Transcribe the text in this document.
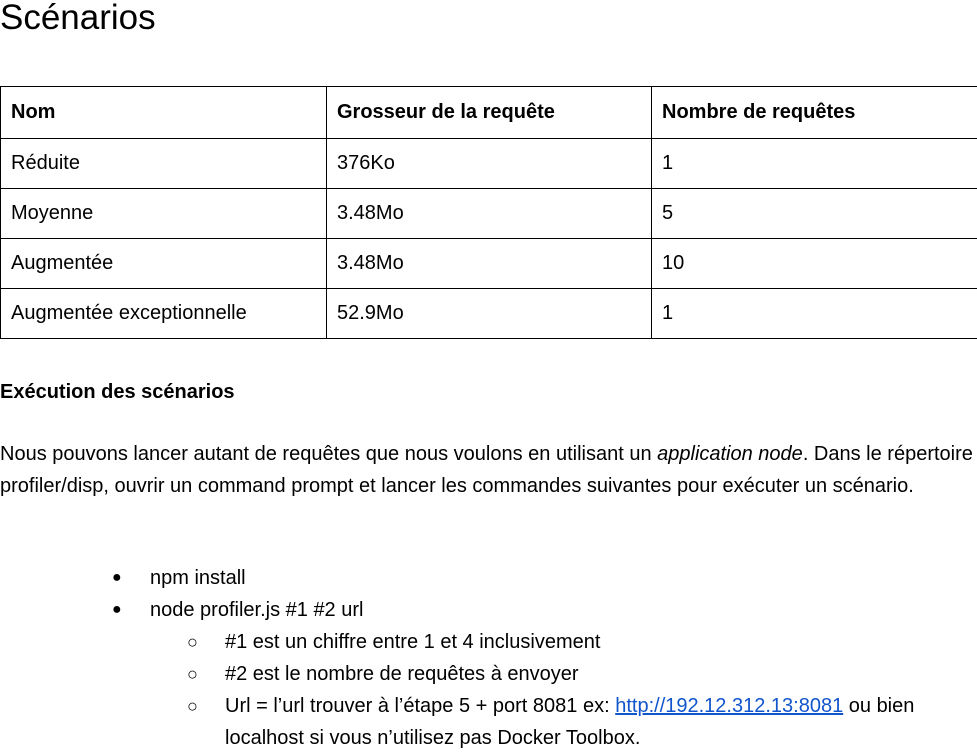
Scénarios
Nom	Grosseur de la requête	Nombre de requêtes
Réduite	376Ko	1
Moyenne	3.48Mo	5
Augmentée	3.48Mo	10
Augmentée exceptionnelle	52.9Mo	1
Exécution des scénarios

Nous pouvons lancer autant de requêtes que nous voulons en utilisant un application node. Dans le répertoire profiler/disp, ouvrir un command prompt et lancer les commandes suivantes pour exécuter un scénario.

● npm install
● node profiler.js #1 #2 url
○ #1 est un chiffre entre 1 et 4 inclusivement
○ #2 est le nombre de requêtes à envoyer
○ Url = l’url trouver à l’étape 5 + port 8081 ex: http://192.12.312.13:8081 ou bien localhost si vous n’utilisez pas Docker Toolbox.
